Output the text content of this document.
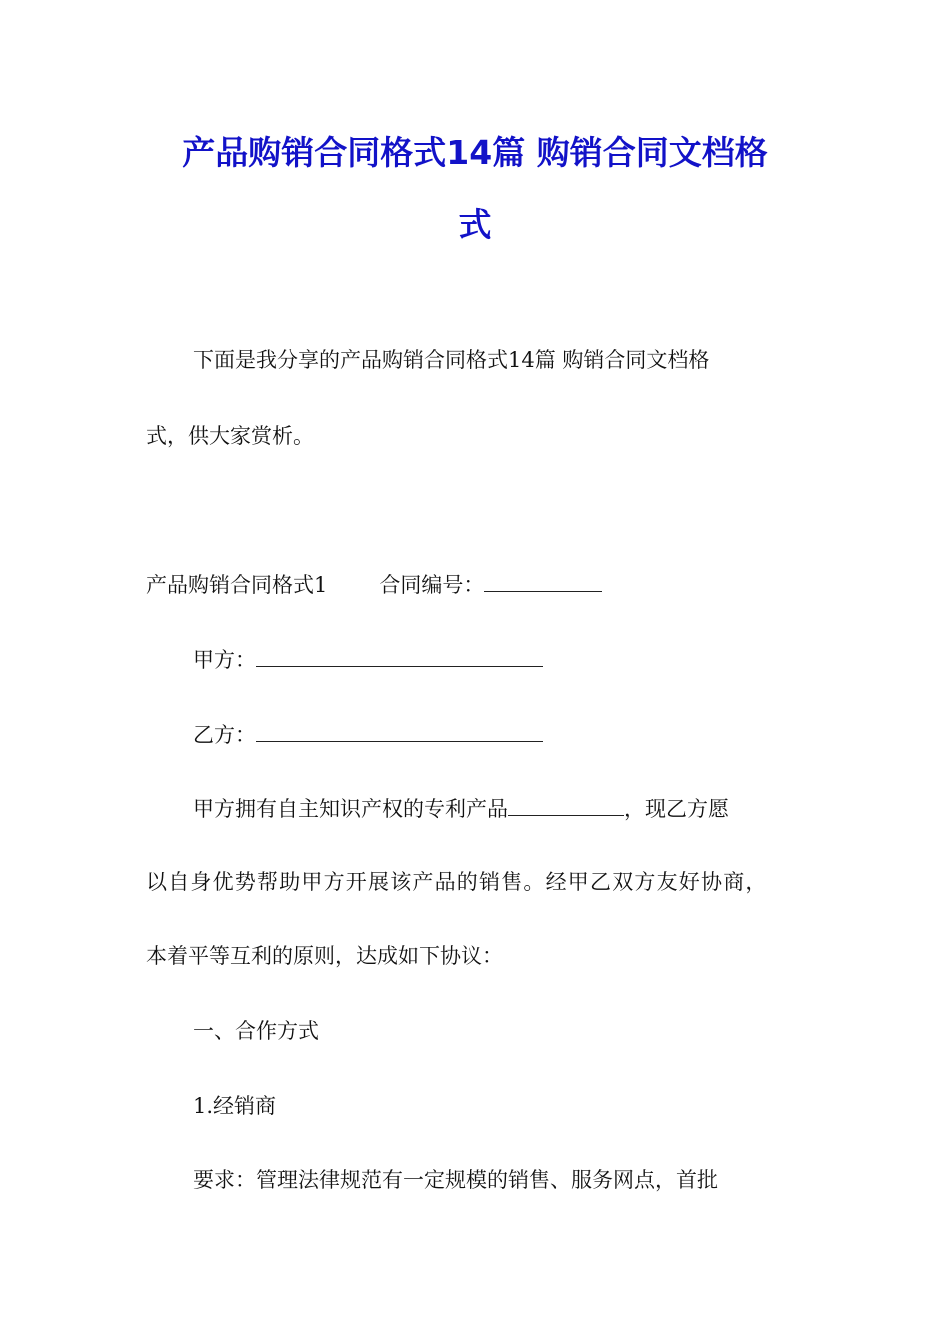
产品购销合同格式14篇 购销合同文档格
式
下面是我分享的产品购销合同格式14篇 购销合同文档格
式，供大家赏析。
产品购销合同格式1 合同编号：
甲方：
乙方：
甲方拥有自主知识产权的专利产品	，现乙方愿
以自身优势帮助甲方开展该产品的销售。经甲乙双方友好协商，
本着平等互利的原则，达成如下协议：
一、合作方式
1.经销商
要求：管理法律规范有一定规模的销售、服务网点，首批
